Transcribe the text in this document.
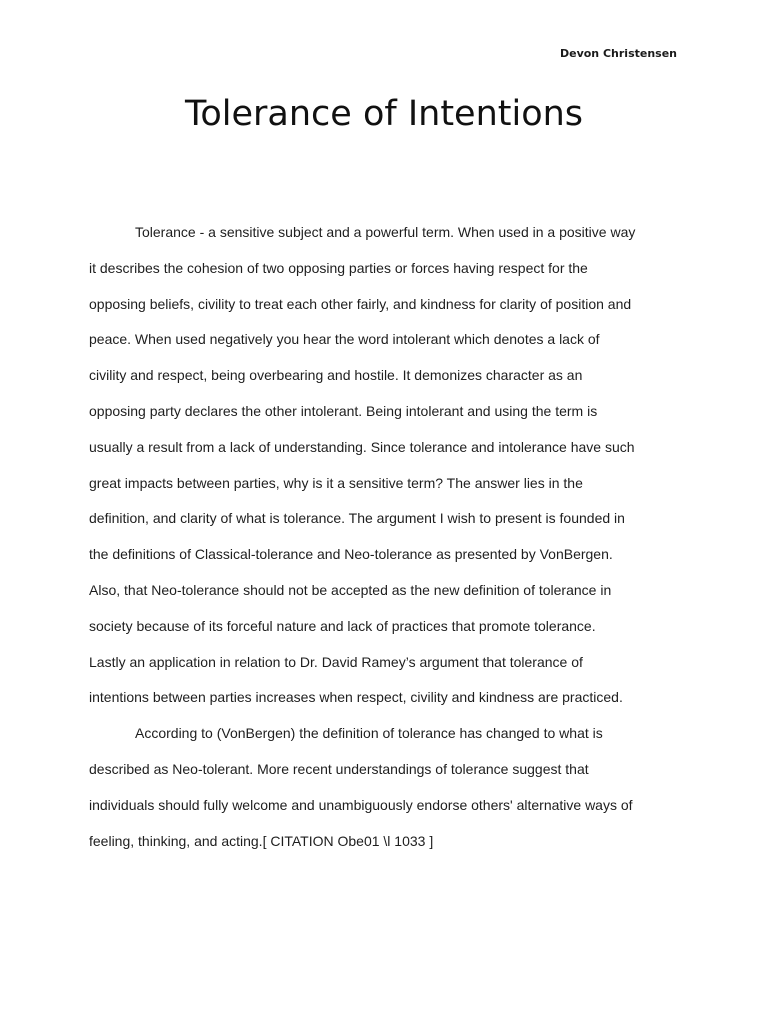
Devon Christensen
Tolerance of Intentions

Tolerance - a sensitive subject and a powerful term. When used in a positive way
it describes the cohesion of two opposing parties or forces having respect for the
opposing beliefs, civility to treat each other fairly, and kindness for clarity of position and
peace. When used negatively you hear the word intolerant which denotes a lack of
civility and respect, being overbearing and hostile. It demonizes character as an
opposing party declares the other intolerant. Being intolerant and using the term is
usually a result from a lack of understanding. Since tolerance and intolerance have such
great impacts between parties, why is it a sensitive term? The answer lies in the
definition, and clarity of what is tolerance. The argument I wish to present is founded in
the definitions of Classical-tolerance and Neo-tolerance as presented by VonBergen.
Also, that Neo-tolerance should not be accepted as the new definition of tolerance in
society because of its forceful nature and lack of practices that promote tolerance.
Lastly an application in relation to Dr. David Ramey’s argument that tolerance of
intentions between parties increases when respect, civility and kindness are practiced.

According to (VonBergen) the definition of tolerance has changed to what is
described as Neo-tolerant. More recent understandings of tolerance suggest that
individuals should fully welcome and unambiguously endorse others' alternative ways of
feeling, thinking, and acting.[ CITATION Obe01 \l 1033 ]
